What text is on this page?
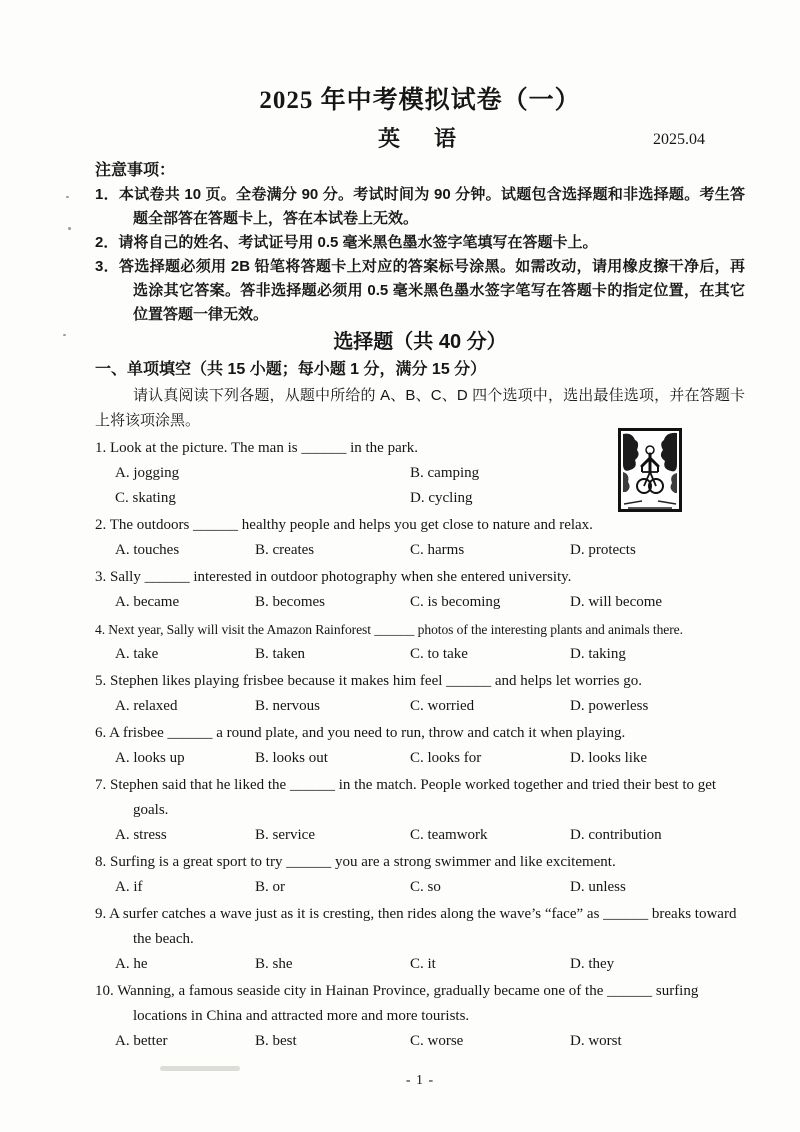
2025 年中考模拟试卷（一）
英　语	2025.04
注意事项：
1．本试卷共 10 页。全卷满分 90 分。考试时间为 90 分钟。试题包含选择题和非选择题。考生答题全部答在答题卡上，答在本试卷上无效。
2．请将自己的姓名、考试证号用 0.5 毫米黑色墨水签字笔填写在答题卡上。
3．答选择题必须用 2B 铅笔将答题卡上对应的答案标号涂黑。如需改动，请用橡皮擦干净后，再选涂其它答案。答非选择题必须用 0.5 毫米黑色墨水签字笔写在答题卡的指定位置，在其它位置答题一律无效。
选择题（共 40 分）
一、单项填空（共 15 小题；每小题 1 分，满分 15 分）
请认真阅读下列各题，从题中所给的 A、B、C、D 四个选项中，选出最佳选项，并在答题卡上将该项涂黑。
1. Look at the picture. The man is ______ in the park.
A. jogging	B. camping
C. skating	D. cycling
2. The outdoors ______ healthy people and helps you get close to nature and relax.
A. touches	B. creates	C. harms	D. protects
3. Sally ______ interested in outdoor photography when she entered university.
A. became	B. becomes	C. is becoming	D. will become
4. Next year, Sally will visit the Amazon Rainforest ______ photos of the interesting plants and animals there.
A. take	B. taken	C. to take	D. taking
5. Stephen likes playing frisbee because it makes him feel ______ and helps let worries go.
A. relaxed	B. nervous	C. worried	D. powerless
6. A frisbee ______ a round plate, and you need to run, throw and catch it when playing.
A. looks up	B. looks out	C. looks for	D. looks like
7. Stephen said that he liked the ______ in the match. People worked together and tried their best to get goals.
A. stress	B. service	C. teamwork	D. contribution
8. Surfing is a great sport to try ______ you are a strong swimmer and like excitement.
A. if	B. or	C. so	D. unless
9. A surfer catches a wave just as it is cresting, then rides along the wave’s “face” as ______ breaks toward the beach.
A. he	B. she	C. it	D. they
10. Wanning, a famous seaside city in Hainan Province, gradually became one of the ______ surfing locations in China and attracted more and more tourists.
A. better	B. best	C. worse	D. worst
- 1 -
